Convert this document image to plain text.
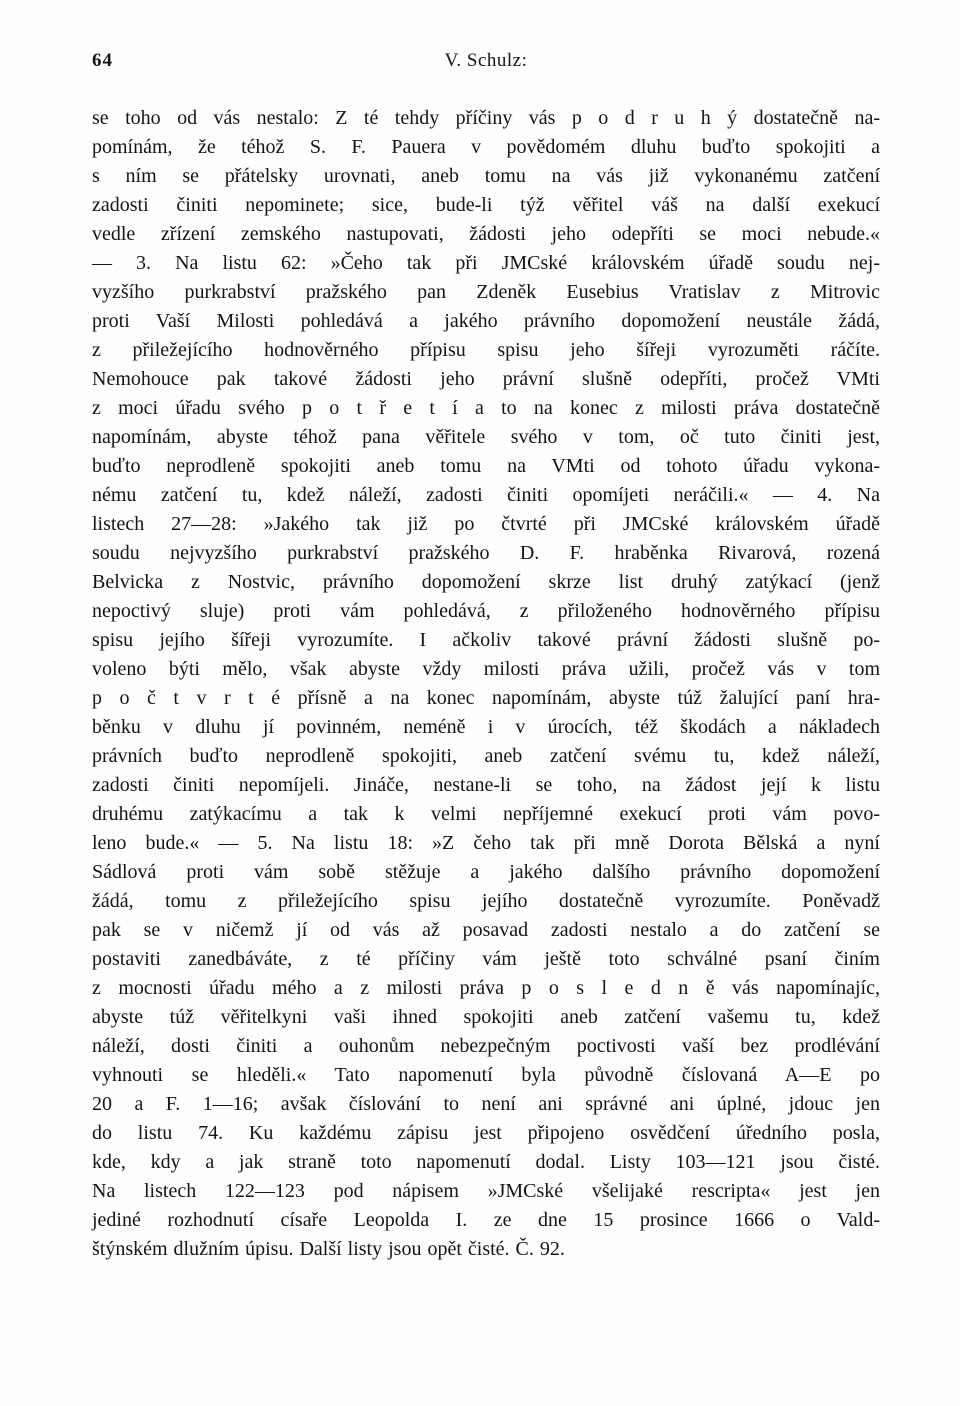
64	V. Schulz:
se toho od vás nestalo: Z té tehdy příčiny vás p o d r u h ý dostatečně na-
pomínám, že téhož S. F. Pauera v povědomém dluhu buďto spokojiti a
s ním se přátelsky urovnati, aneb tomu na vás již vykonanému zatčení
zadosti činiti nepominete; sice, bude-li týž věřitel váš na další exekucí
vedle zřízení zemského nastupovati, žádosti jeho odepříti se moci nebude.«
— 3. Na listu 62: »Čeho tak při JMCské královském úřadě soudu nej-
vyzšího purkrabství pražského pan Zdeněk Eusebius Vratislav z Mitrovic
proti Vaší Milosti pohledává a jakého právního dopomožení neustále žádá,
z přiležejícího hodnověrného přípisu spisu jeho šířeji vyrozuměti ráčíte.
Nemohouce pak takové žádosti jeho právní slušně odepříti, pročež VMti
z moci úřadu svého p o t ř e t í a to na konec z milosti práva dostatečně
napomínám, abyste téhož pana věřitele svého v tom, oč tuto činiti jest,
buďto neprodleně spokojiti aneb tomu na VMti od tohoto úřadu vykona-
nému zatčení tu, kdež náleží, zadosti činiti opomíjeti neráčili.« — 4. Na
listech 27—28: »Jakého tak již po čtvrté při JMCské královském úřadě
soudu nejvyzšího purkrabství pražského D. F. hraběnka Rivarová, rozená
Belvicka z Nostvic, právního dopomožení skrze list druhý zatýkací (jenž
nepoctivý sluje) proti vám pohledává, z přiloženého hodnověrného přípisu
spisu jejího šířeji vyrozumíte. I ačkoliv takové právní žádosti slušně po-
voleno býti mělo, však abyste vždy milosti práva užili, pročež vás v tom
p o č t v r t é přísně a na konec napomínám, abyste túž žalující paní hra-
běnku v dluhu jí povinném, neméně i v úrocích, též škodách a nákladech
právních buďto neprodleně spokojiti, aneb zatčení svému tu, kdež náleží,
zadosti činiti nepomíjeli. Jináče, nestane-li se toho, na žádost její k listu
druhému zatýkacímu a tak k velmi nepříjemné exekucí proti vám povo-
leno bude.« — 5. Na listu 18: »Z čeho tak při mně Dorota Bělská a nyní
Sádlová proti vám sobě stěžuje a jakého dalšího právního dopomožení
žádá, tomu z přiležejícího spisu jejího dostatečně vyrozumíte. Poněvadž
pak se v ničemž jí od vás až posavad zadosti nestalo a do zatčení se
postaviti zanedbáváte, z té příčiny vám ještě toto schválné psaní činím
z mocnosti úřadu mého a z milosti práva p o s l e d n ě vás napomínajíc,
abyste túž věřitelkyni vaši ihned spokojiti aneb zatčení vašemu tu, kdež
náleží, dosti činiti a ouhonům nebezpečným poctivosti vaší bez prodlévání
vyhnouti se hleděli.« Tato napomenutí byla původně číslovaná A—E po
20 a F. 1—16; avšak číslování to není ani správné ani úplné, jdouc jen
do listu 74. Ku každému zápisu jest připojeno osvědčení úředního posla,
kde, kdy a jak straně toto napomenutí dodal. Listy 103—121 jsou čisté.
Na listech 122—123 pod nápisem »JMCské všelijaké rescripta« jest jen
jediné rozhodnutí císaře Leopolda I. ze dne 15 prosince 1666 o Vald-
štýnském dlužním úpisu. Další listy jsou opět čisté. Č. 92.
